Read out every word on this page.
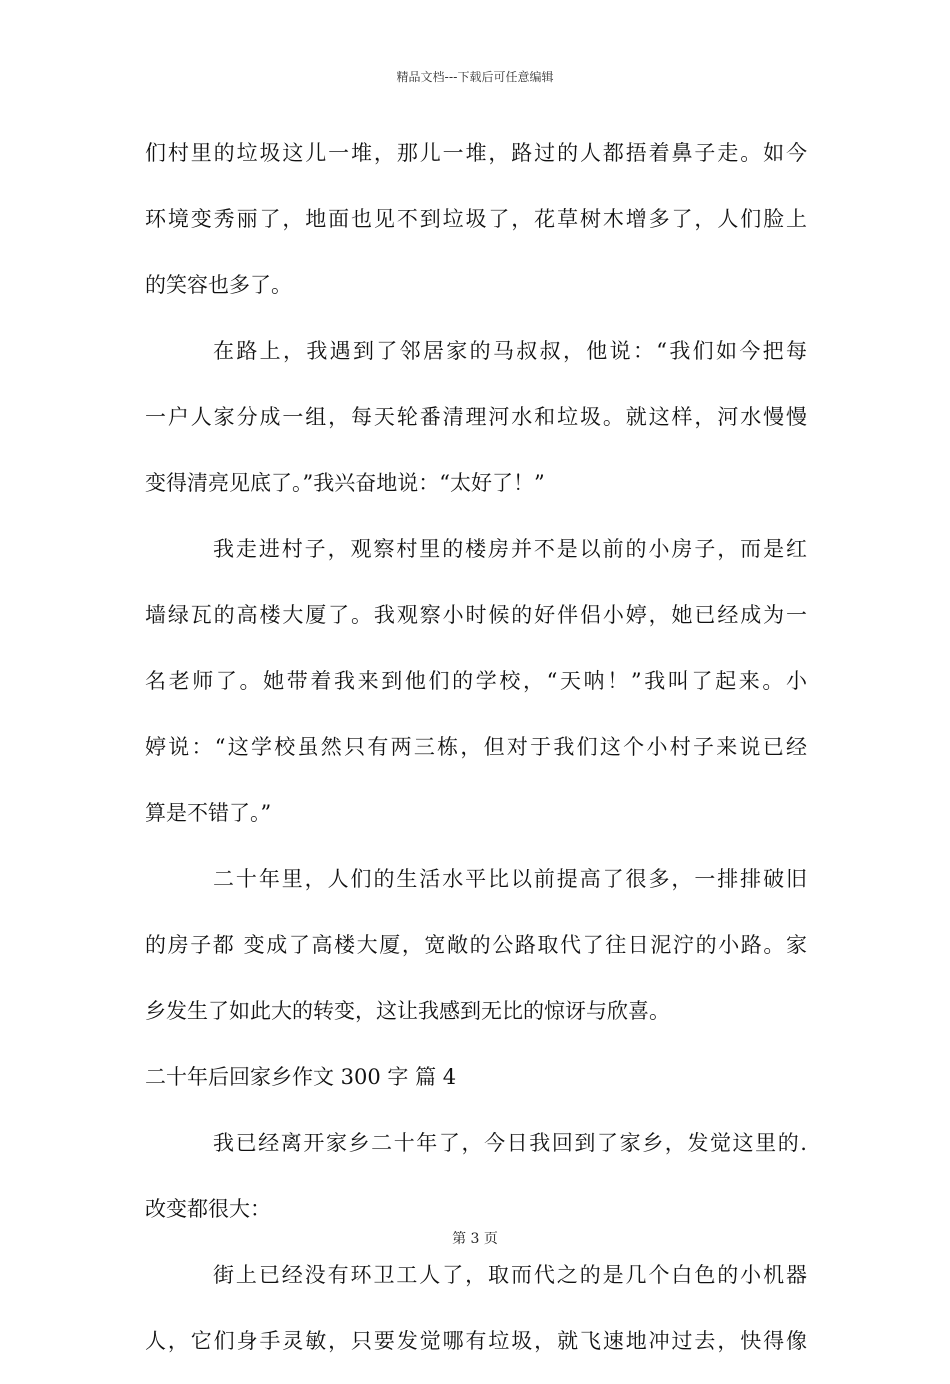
精品文档---下载后可任意编辑
们村里的垃圾这儿一堆，那儿一堆，路过的人都捂着鼻子走。如今
环境变秀丽了，地面也见不到垃圾了，花草树木增多了，人们脸上
的笑容也多了。
在路上，我遇到了邻居家的马叔叔，他说：“我们如今把每
一户人家分成一组，每天轮番清理河水和垃圾。就这样，河水慢慢
变得清亮见底了。”我兴奋地说：“太好了！”
我走进村子，观察村里的楼房并不是以前的小房子，而是红
墙绿瓦的高楼大厦了。我观察小时候的好伴侣小婷，她已经成为一
名老师了。她带着我来到他们的学校，“天呐！”我叫了起来。小
婷说：“这学校虽然只有两三栋，但对于我们这个小村子来说已经
算是不错了。”
二十年里，人们的生活水平比以前提高了很多，一排排破旧
的房子都 变成了高楼大厦，宽敞的公路取代了往日泥泞的小路。家
乡发生了如此大的转变，这让我感到无比的惊讶与欣喜。
二十年后回家乡作文 300 字 篇 4
我已经离开家乡二十年了，今日我回到了家乡，发觉这里的.
改变都很大：
街上已经没有环卫工人了，取而代之的是几个白色的小机器
人，它们身手灵敏，只要发觉哪有垃圾，就飞速地冲过去，快得像
第 3 页
